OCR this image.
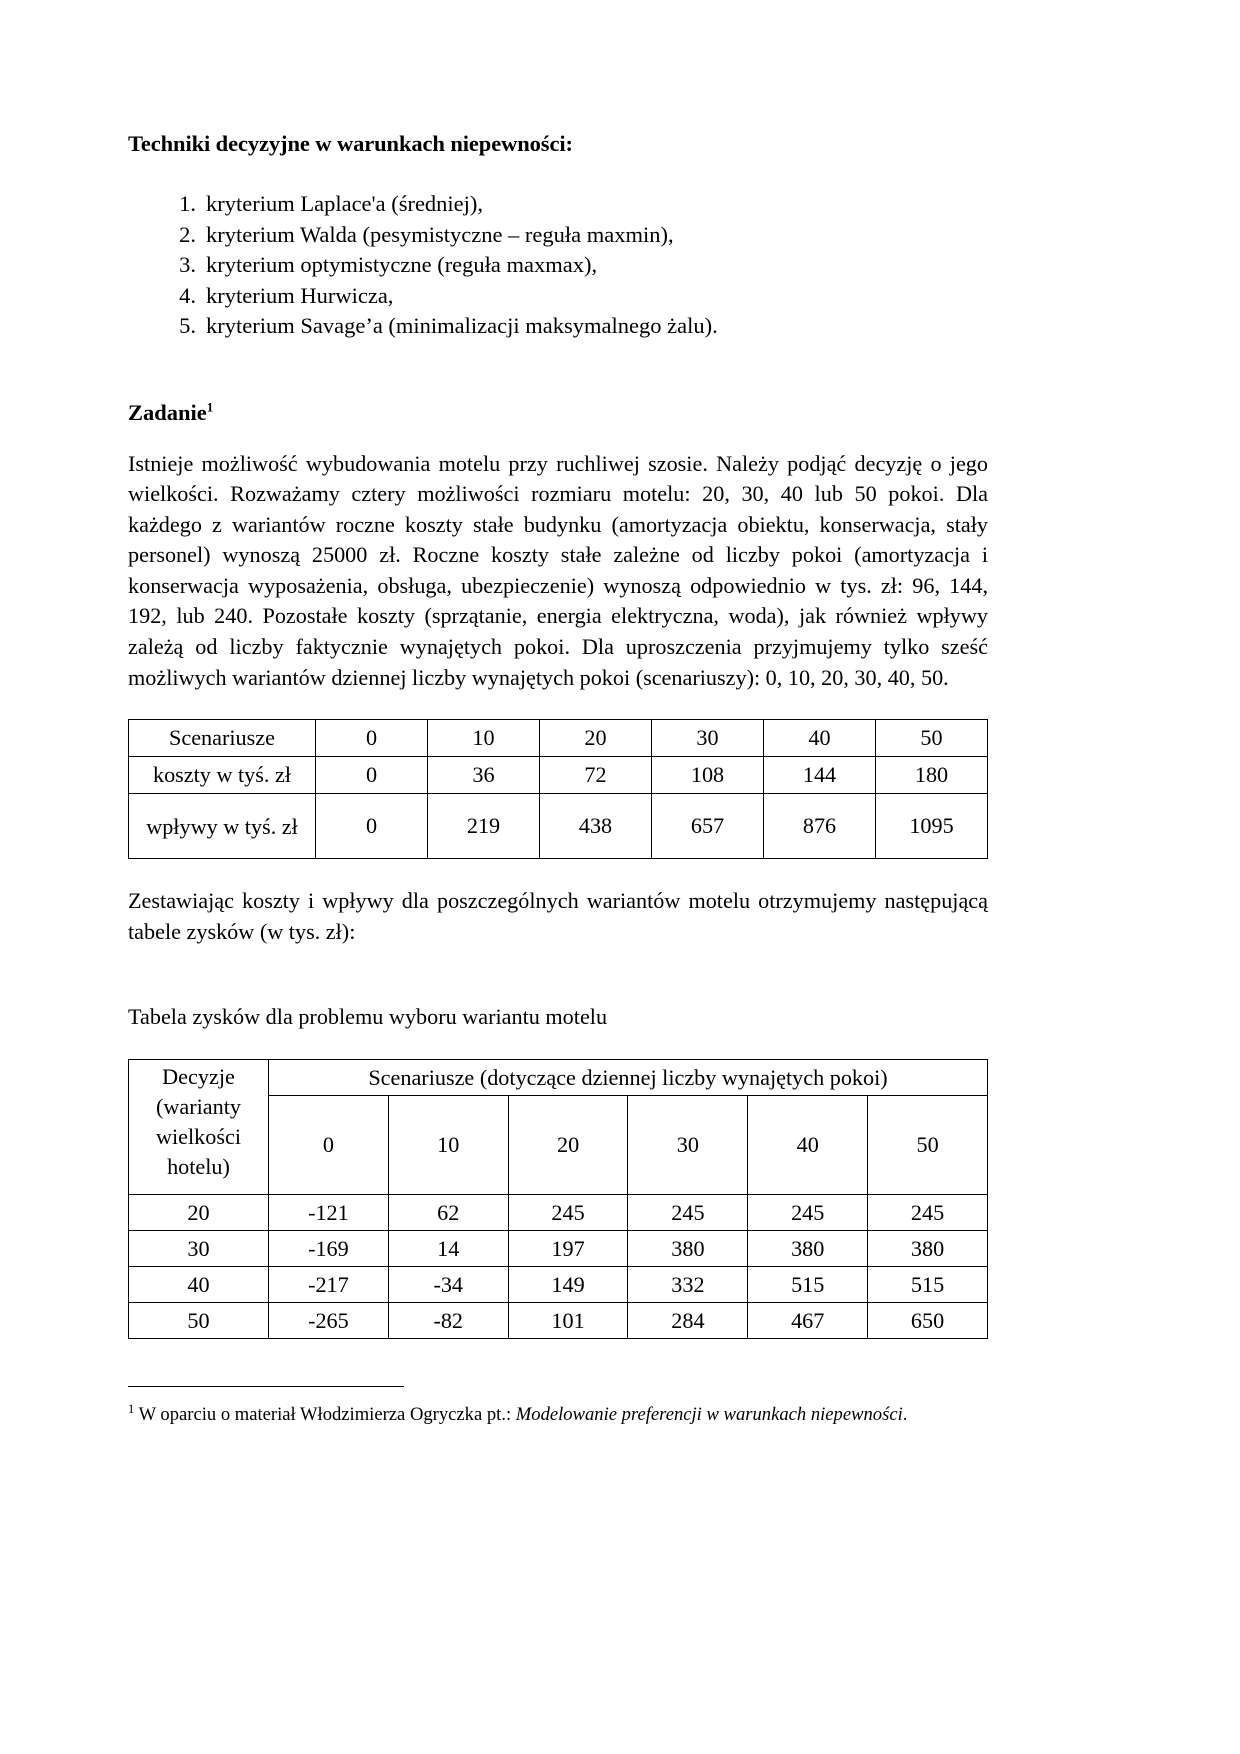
Techniki decyzyjne w warunkach niepewności:
1. kryterium Laplace'a (średniej),
2. kryterium Walda (pesymistyczne – reguła maxmin),
3. kryterium optymistyczne (reguła maxmax),
4. kryterium Hurwicza,
5. kryterium Savage’a (minimalizacji maksymalnego żalu).
Zadanie$^1$

Istnieje możliwość wybudowania motelu przy ruchliwej szosie. Należy podjąć decyzję o jego wielkości. Rozważamy cztery możliwości rozmiaru motelu: 20, 30, 40 lub 50 pokoi. Dla każdego z wariantów roczne koszty stałe budynku (amortyzacja obiektu, konserwacja, stały personel) wynoszą 25000 zł. Roczne koszty stałe zależne od liczby pokoi (amortyzacja i konserwacja wyposażenia, obsługa, ubezpieczenie) wynoszą odpowiednio w tys. zł: 96, 144, 192, lub 240. Pozostałe koszty (sprzątanie, energia elektryczna, woda), jak również wpływy zależą od liczby faktycznie wynajętych pokoi. Dla uproszczenia przyjmujemy tylko sześć możliwych wariantów dziennej liczby wynajętych pokoi (scenariuszy): 0, 10, 20, 30, 40, 50.

Scenariusze	0	10	20	30	40	50
koszty w tyś. zł	0	36	72	108	144	180
wpływy w tyś. zł	0	219	438	657	876	1095

Zestawiając koszty i wpływy dla poszczególnych wariantów motelu otrzymujemy następującą tabele zysków (w tys. zł):

Tabela zysków dla problemu wyboru wariantu motelu

Decyzje
(warianty
wielkości
hotelu)	Scenariusze (dotyczące dziennej liczby wynajętych pokoi)					
	0	10	20	30	40	50
20	-121	62	245	245	245	245
30	-169	14	197	380	380	380
40	-217	-34	149	332	515	515
50	-265	-82	101	284	467	650

$^1$ W oparciu o materiał Włodzimierza Ogryczka pt.: Modelowanie preferencji w warunkach niepewności.
